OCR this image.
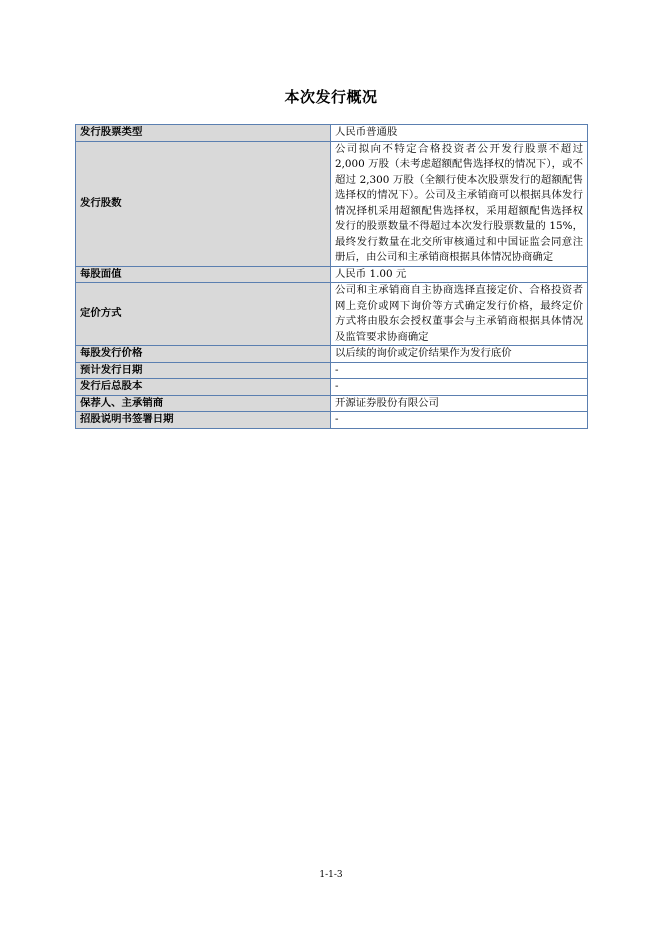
本次发行概况
发行股票类型	人民币普通股
发行股数	公司拟向不特定合格投资者公开发行股票不超过 2,000 万股（未考虑超额配售选择权的情况下），或不超过 2,300 万股（全额行使本次股票发行的超额配售选择权的情况下）。公司及主承销商可以根据具体发行情况择机采用超额配售选择权，采用超额配售选择权发行的股票数量不得超过本次发行股票数量的 15%，最终发行数量在北交所审核通过和中国证监会同意注册后，由公司和主承销商根据具体情况协商确定
每股面值	人民币 1.00 元
定价方式	公司和主承销商自主协商选择直接定价、合格投资者网上竞价或网下询价等方式确定发行价格，最终定价方式将由股东会授权董事会与主承销商根据具体情况及监管要求协商确定
每股发行价格	以后续的询价或定价结果作为发行底价
预计发行日期	-
发行后总股本	-
保荐人、主承销商	开源证券股份有限公司
招股说明书签署日期	-
1-1-3
